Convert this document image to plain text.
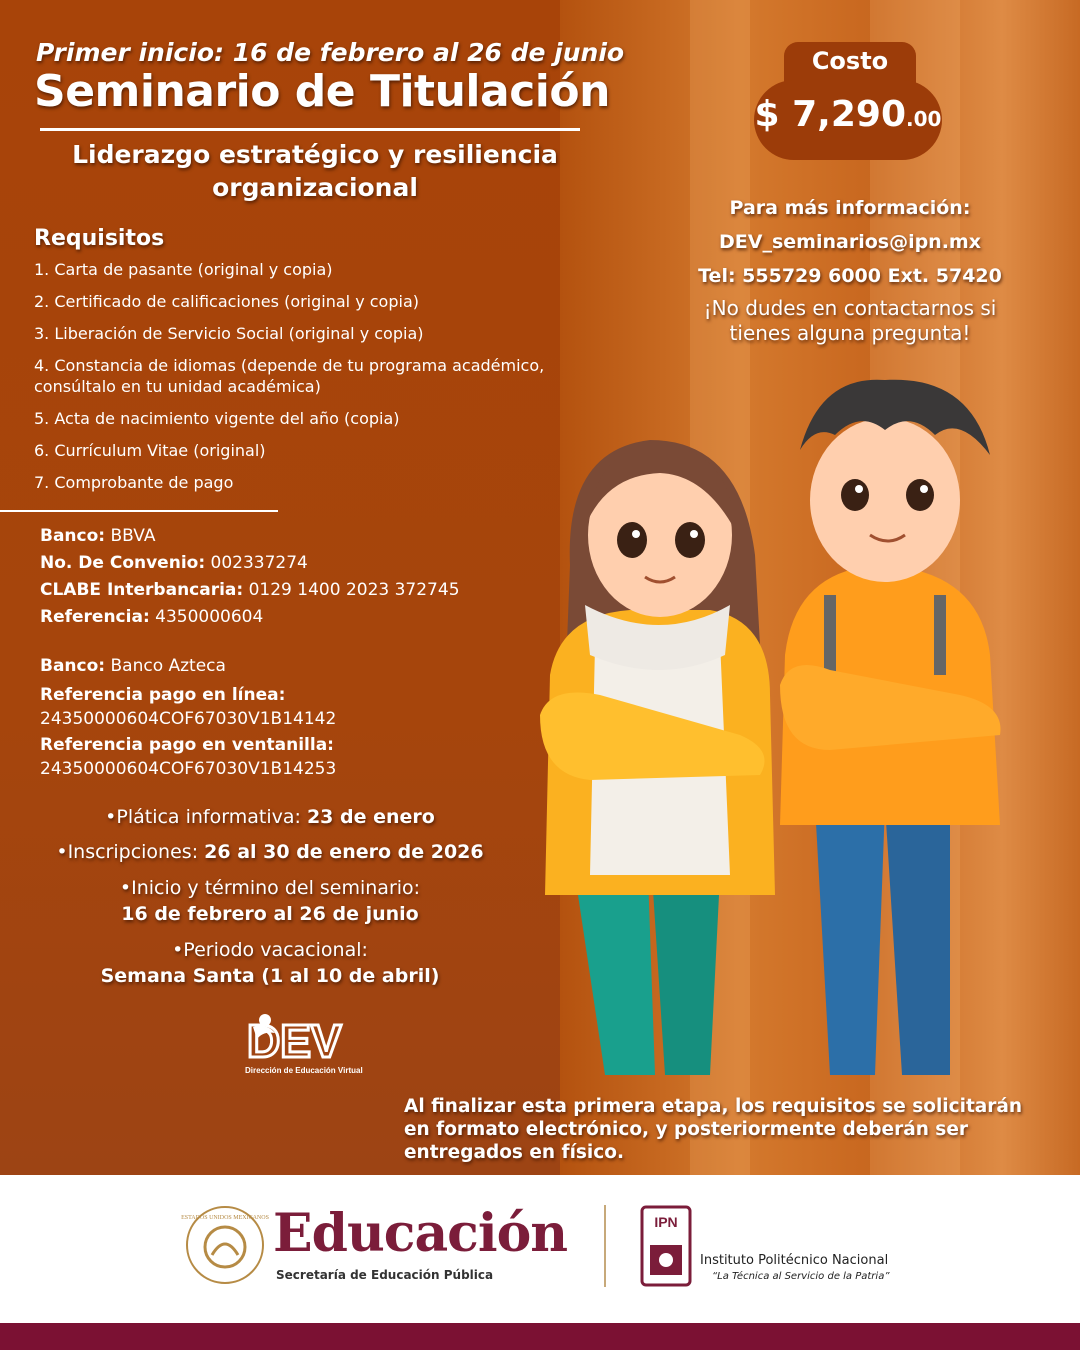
Primer inicio: 16 de febrero al 26 de junio
Seminario de Titulación
Liderazgo estratégico y resiliencia organizacional
Requisitos
1. Carta de pasante (original y copia)
2. Certificado de calificaciones (original y copia)
3. Liberación de Servicio Social (original y copia)
4. Constancia de idiomas (depende de tu programa académico,
consúltalo en tu unidad académica)
5. Acta de nacimiento vigente del año (copia)
6. Currículum Vitae (original)
7. Comprobante de pago
Banco: BBVA
No. De Convenio: 002337274
CLABE Interbancaria: 0129 1400 2023 372745
Referencia: 4350000604
Banco: Banco Azteca
Referencia pago en línea:
24350000604COF67030V1B14142
Referencia pago en ventanilla:
24350000604COF67030V1B14253
•Plática informativa: 23 de enero
•Inscripciones: 26 al 30 de enero de 2026
•Inicio y término del seminario:
16 de febrero al 26 de junio
•Periodo vacacional:
Semana Santa (1 al 10 de abril)
DEV
Dirección de Educación Virtual
Costo
$ 7,290.00
Para más información:
DEV_seminarios@ipn.mx
Tel: 555729 6000 Ext. 57420
¡No dudes en contactarnos si tienes alguna pregunta!
Al finalizar esta primera etapa, los requisitos se solicitarán en formato electrónico, y posteriormente deberán ser entregados en físico.
ESTADOS UNIDOS MEXICANOS Educación
Secretaría de Educación Pública
IPN
Instituto Politécnico Nacional
“La Técnica al Servicio de la Patria”
